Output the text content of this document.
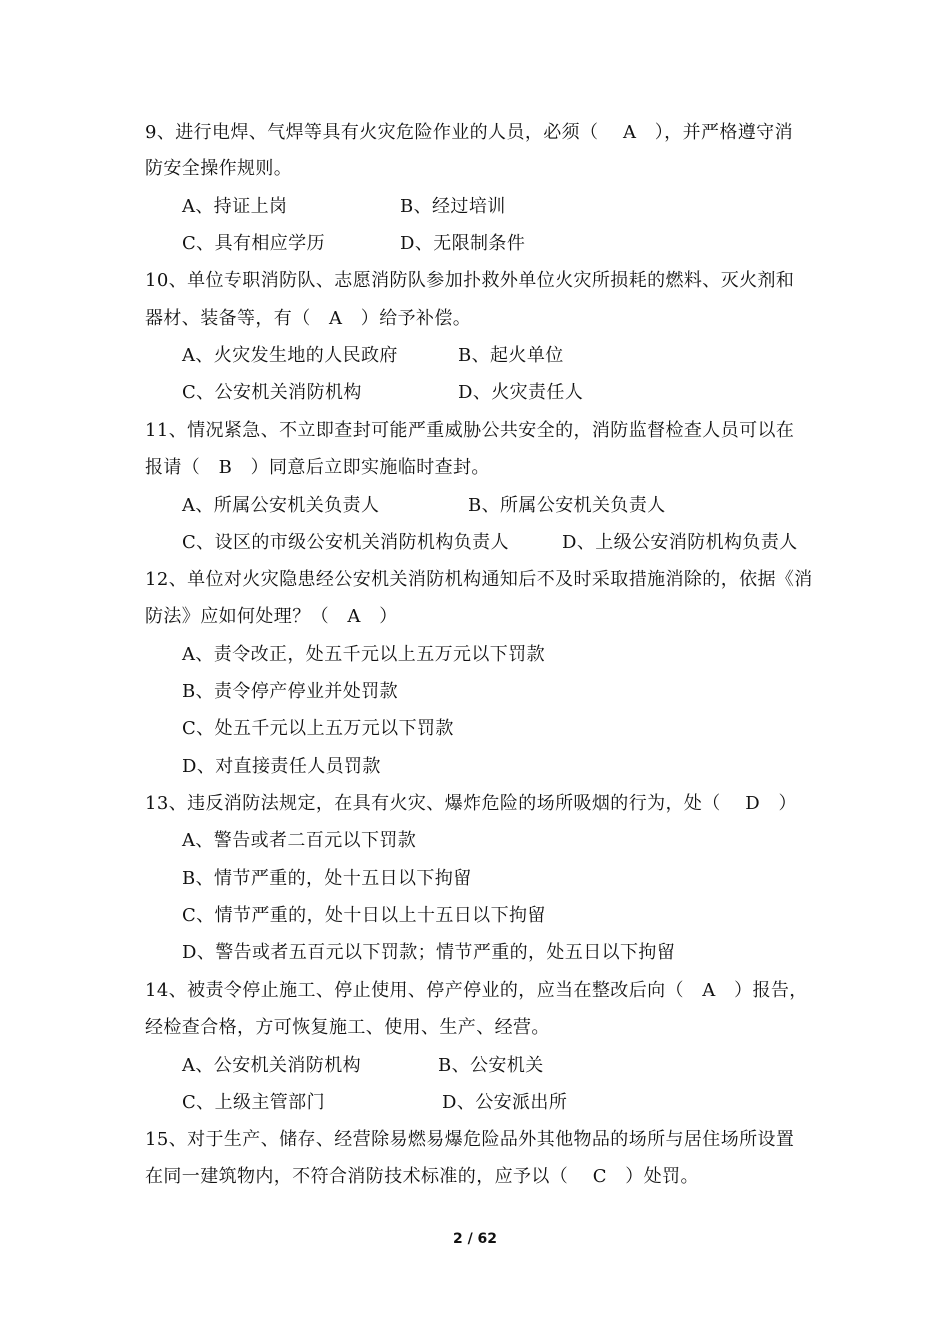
9、进行电焊、气焊等具有火灾危险作业的人员，必须（　 A　），并严格遵守消
防安全操作规则。
A、持证上岗	B、经过培训
C、具有相应学历	D、无限制条件
10、单位专职消防队、志愿消防队参加扑救外单位火灾所损耗的燃料、灭火剂和
器材、装备等，有（　A　）给予补偿。
A、火灾发生地的人民政府	B、起火单位
C、公安机关消防机构	D、火灾责任人
11、情况紧急、不立即查封可能严重威胁公共安全的，消防监督检查人员可以在
报请（　B　）同意后立即实施临时查封。
A、所属公安机关负责人	B、所属公安机关负责人
C、设区的市级公安机关消防机构负责人	D、上级公安消防机构负责人
12、单位对火灾隐患经公安机关消防机构通知后不及时采取措施消除的，依据《消
防法》应如何处理？（　A　）
A、责令改正，处五千元以上五万元以下罚款
B、责令停产停业并处罚款
C、处五千元以上五万元以下罚款
D、对直接责任人员罚款
13、违反消防法规定，在具有火灾、爆炸危险的场所吸烟的行为，处（　 D　）
A、警告或者二百元以下罚款
B、情节严重的，处十五日以下拘留
C、情节严重的，处十日以上十五日以下拘留
D、警告或者五百元以下罚款；情节严重的，处五日以下拘留
14、被责令停止施工、停止使用、停产停业的，应当在整改后向（　A　）报告，
经检查合格，方可恢复施工、使用、生产、经营。
A、公安机关消防机构	B、公安机关
C、上级主管部门	D、公安派出所
15、对于生产、储存、经营除易燃易爆危险品外其他物品的场所与居住场所设置
在同一建筑物内，不符合消防技术标准的，应予以（　 C　）处罚。
2 / 62
